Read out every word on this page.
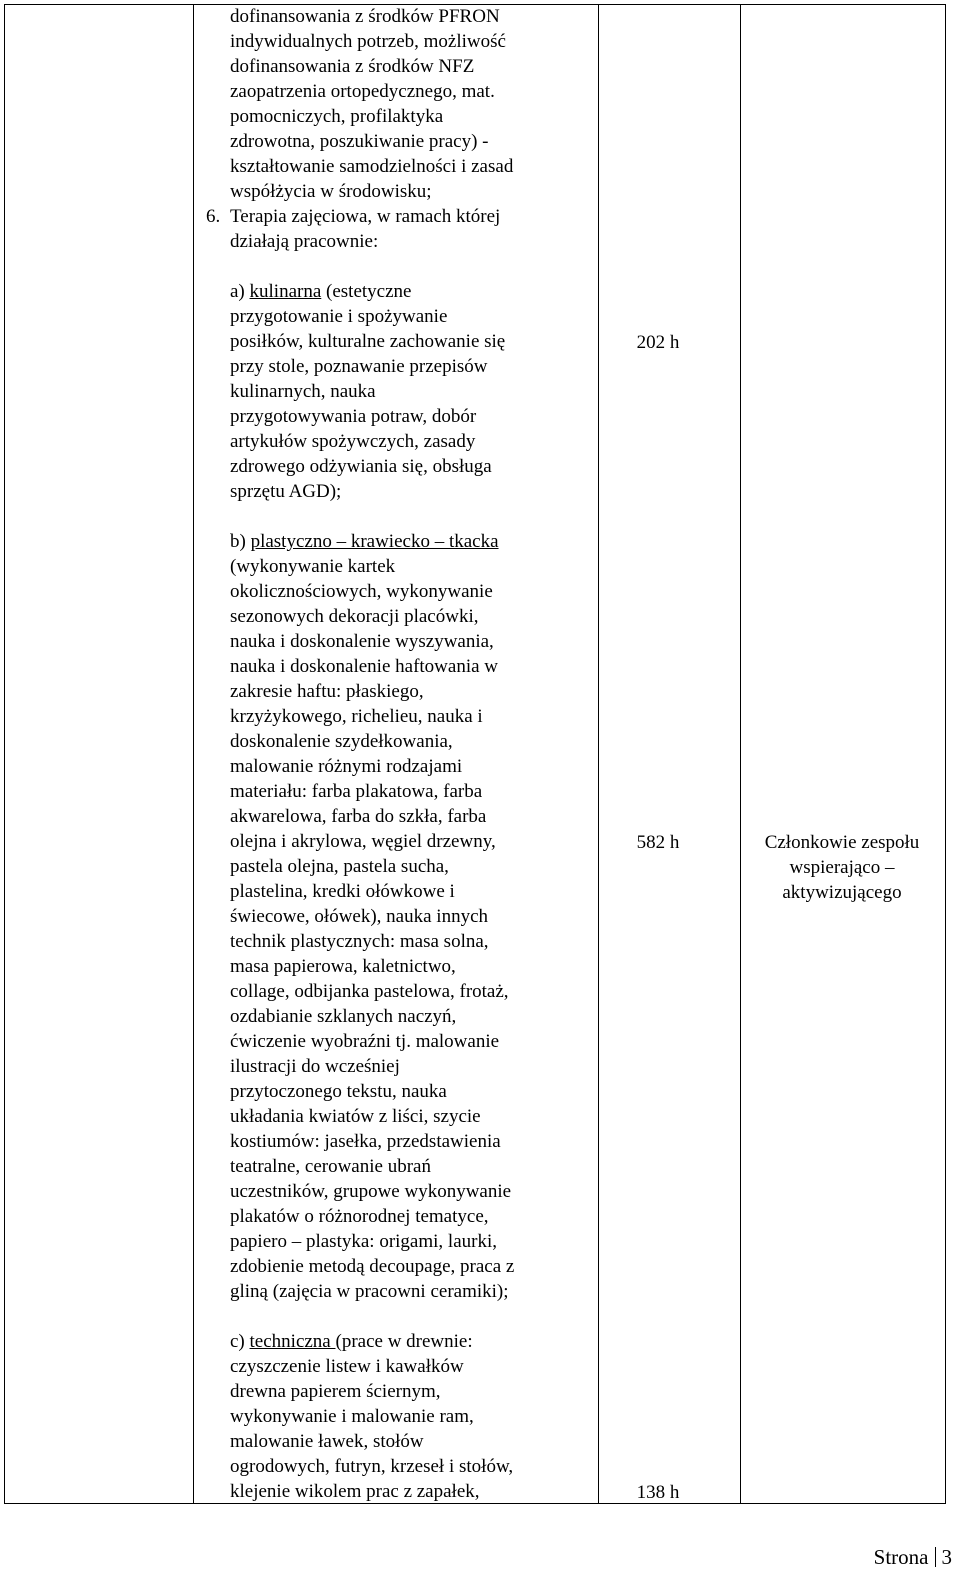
dofinansowania z środków PFRON

indywidualnych potrzeb, możliwość

dofinansowania z środków NFZ

zaopatrzenia ortopedycznego, mat.

pomocniczych, profilaktyka

zdrowotna, poszukiwanie pracy) -

kształtowanie samodzielności i zasad

współżycia w środowisku;

6. Terapia zajęciowa, w ramach której

działają pracownie:

a) kulinarna (estetyczne

przygotowanie i spożywanie

posiłków, kulturalne zachowanie się

przy stole, poznawanie przepisów

kulinarnych, nauka

przygotowywania potraw, dobór

artykułów spożywczych, zasady

zdrowego odżywiania się, obsługa

sprzętu AGD);

b) plastyczno – krawiecko – tkacka

(wykonywanie kartek

okolicznościowych, wykonywanie

sezonowych dekoracji placówki,

nauka i doskonalenie wyszywania,

nauka i doskonalenie haftowania w

zakresie haftu: płaskiego,

krzyżykowego, richelieu, nauka i

doskonalenie szydełkowania,

malowanie różnymi rodzajami

materiału: farba plakatowa, farba

akwarelowa, farba do szkła, farba

olejna i akrylowa, węgiel drzewny,

pastela olejna, pastela sucha,

plastelina, kredki ołówkowe i

świecowe, ołówek), nauka innych

technik plastycznych: masa solna,

masa papierowa, kaletnictwo,

collage, odbijanka pastelowa, frotaż,

ozdabianie szklanych naczyń,

ćwiczenie wyobraźni tj. malowanie

ilustracji do wcześniej

przytoczonego tekstu, nauka

układania kwiatów z liści, szycie

kostiumów: jasełka, przedstawienia

teatralne, cerowanie ubrań

uczestników, grupowe wykonywanie

plakatów o różnorodnej tematyce,

papiero – plastyka: origami, laurki,

zdobienie metodą decoupage, praca z

gliną (zajęcia w pracowni ceramiki);

c) techniczna (prace w drewnie:

czyszczenie listew i kawałków

drewna papierem ściernym,

wykonywanie i malowanie ram,

malowanie ławek, stołów

ogrodowych, futryn, krzeseł i stołów,

klejenie wikolem prac z zapałek,

202 h
582 h
138 h
Członkowie zespołu
wspierająco –
aktywizującego
Strona 3
